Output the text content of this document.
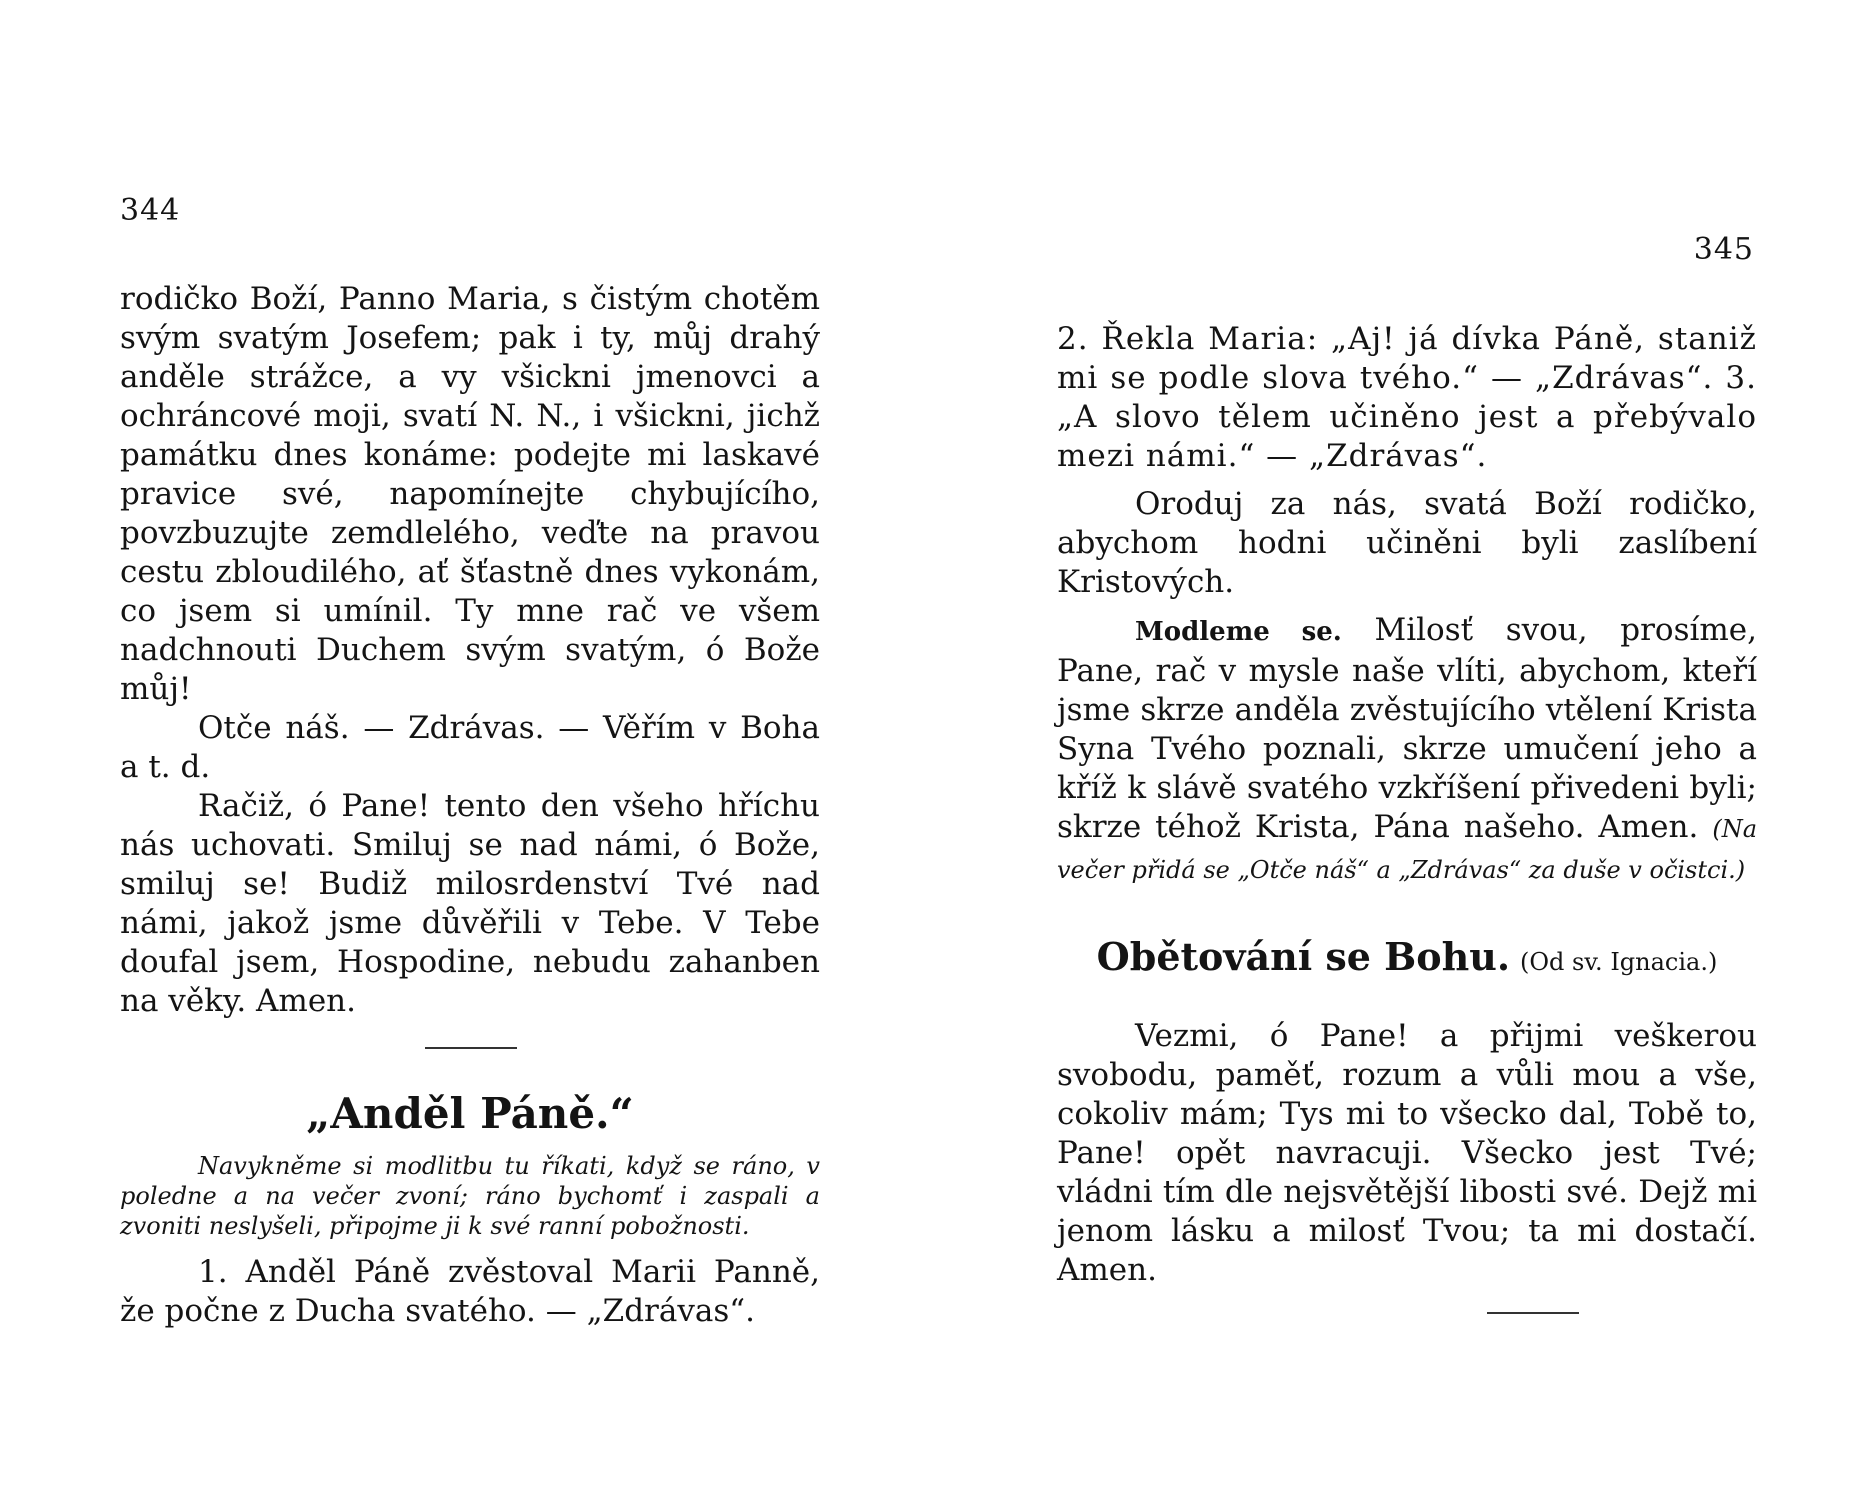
344

rodičko Boží, Panno Maria, s čistým chotěm svým svatým Josefem; pak i ty, můj drahý anděle strážce, a vy všickni jmenovci a ochráncové moji, svatí N. N., i všickni, jichž památku dnes konáme: podejte mi laskavé pravice své, napomínejte chybujícího, povzbuzujte zemdlelého, veďte na pravou cestu zbloudilého, ať šťastně dnes vykonám, co jsem si umínil. Ty mne rač ve všem nadchnouti Duchem svým svatým, ó Bože můj!

Otče náš. — Zdrávas. — Věřím v Boha a t. d.

Račiž, ó Pane! tento den všeho hříchu nás uchovati. Smiluj se nad námi, ó Bože, smiluj se! Budiž milosrdenství Tvé nad námi, jakož jsme důvěřili v Tebe. V Tebe doufal jsem, Hospodine, nebudu zahanben na věky. Amen.

„Anděl Páně.“

Navykněme si modlitbu tu říkati, když se ráno, v poledne a na večer zvoní; ráno bychomť i zaspali a zvoniti neslyšeli, připojme ji k své ranní pobožnosti.

1. Anděl Páně zvěstoval Marii Panně, že počne z Ducha svatého. — „Zdrávas“.

345

2. Řekla Maria: „Aj! já dívka Páně, staniž mi se podle slova tvého.“ — „Zdrávas“. 3. „A slovo tělem učiněno jest a přebývalo mezi námi.“ — „Zdrávas“.

Oroduj za nás, svatá Boží rodičko, abychom hodni učiněni byli zaslíbení Kristových.

Modleme se. Milosť svou, prosíme, Pane, rač v mysle naše vlíti, abychom, kteří jsme skrze anděla zvěstujícího vtělení Krista Syna Tvého poznali, skrze umučení jeho a kříž k slávě svatého vzkříšení přivedeni byli; skrze téhož Krista, Pána našeho. Amen. (Na večer přidá se „Otče náš“ a „Zdrávas“ za duše v očistci.)

Obětování se Bohu. (Od sv. Ignacia.)

Vezmi, ó Pane! a přijmi veškerou svobodu, paměť, rozum a vůli mou a vše, cokoliv mám; Tys mi to všecko dal, Tobě to, Pane! opět navracuji. Všecko jest Tvé; vládni tím dle nejsvětější libosti své. Dejž mi jenom lásku a milosť Tvou; ta mi dostačí. Amen.
